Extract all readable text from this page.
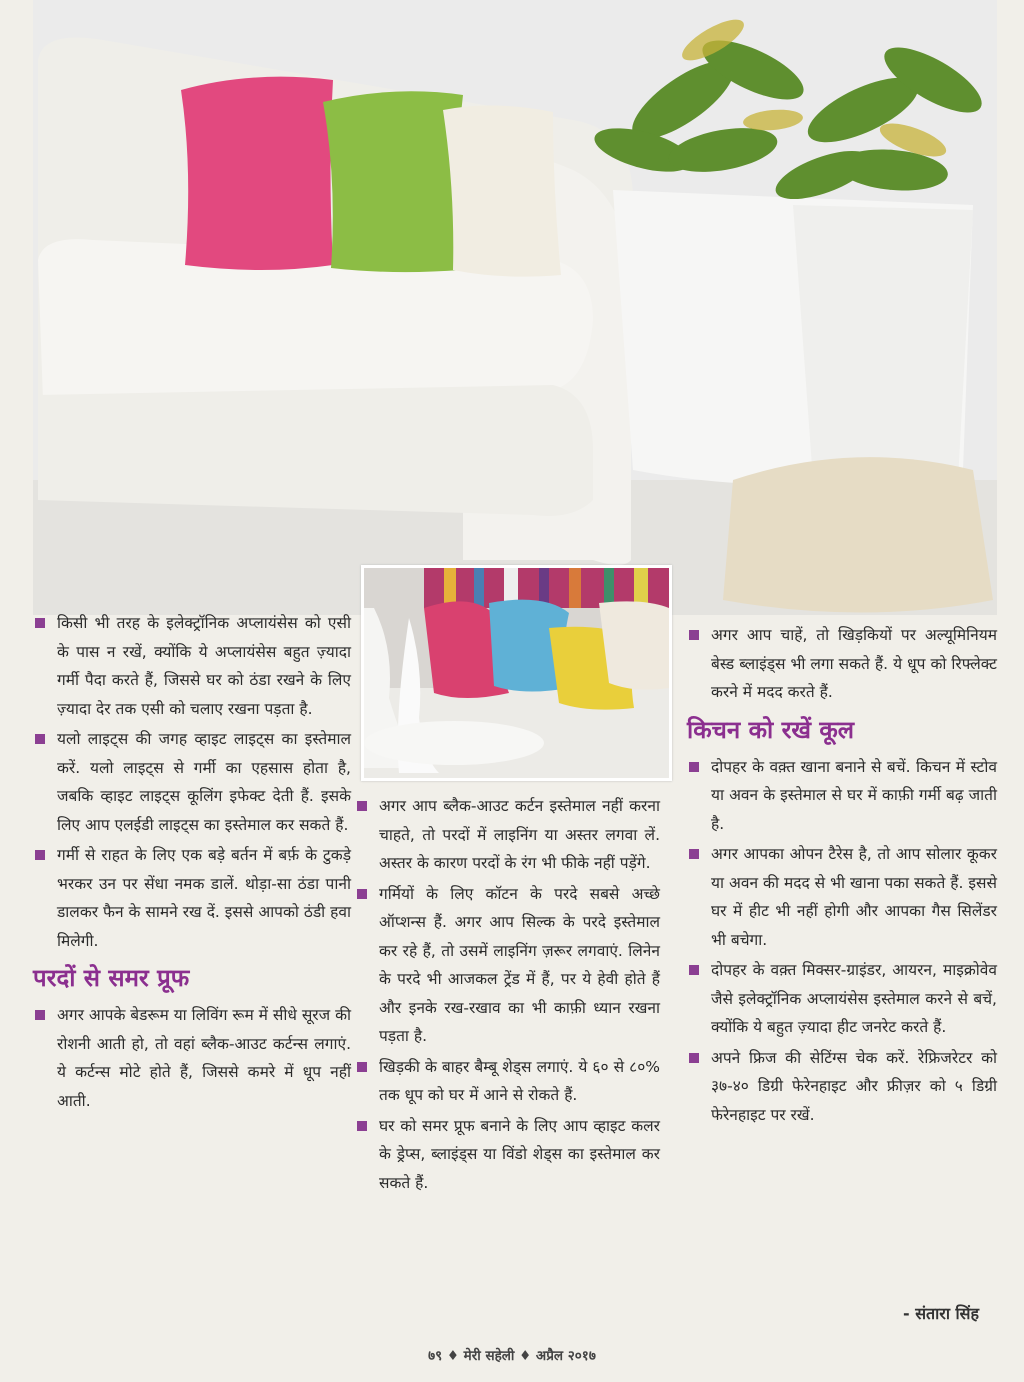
किसी भी तरह के इलेक्ट्रॉनिक अप्लायंसेस को एसी के पास न रखें, क्योंकि ये अप्लायंसेस बहुत ज़्यादा गर्मी पैदा करते हैं, जिससे घर को ठंडा रखने के लिए ज़्यादा देर तक एसी को चलाए रखना पड़ता है.

यलो लाइट्स की जगह व्हाइट लाइट्स का इस्तेमाल करें. यलो लाइट्स से गर्मी का एहसास होता है, जबकि व्हाइट लाइट्स कूलिंग इफेक्ट देती हैं. इसके लिए आप एलईडी लाइट्स का इस्तेमाल कर सकते हैं.

गर्मी से राहत के लिए एक बड़े बर्तन में बर्फ़ के टुकड़े भरकर उन पर सेंधा नमक डालें. थोड़ा-सा ठंडा पानी डालकर फैन के सामने रख दें. इससे आपको ठंडी हवा मिलेगी.

परदों से समर प्रूफ

अगर आपके बेडरूम या लिविंग रूम में सीधे सूरज की रोशनी आती हो, तो वहां ब्लैक-आउट कर्टन्स लगाएं. ये कर्टन्स मोटे होते हैं, जिससे कमरे में धूप नहीं आती.

अगर आप ब्लैक-आउट कर्टन इस्तेमाल नहीं करना चाहते, तो परदों में लाइनिंग या अस्तर लगवा लें. अस्तर के कारण परदों के रंग भी फीके नहीं पड़ेंगे.

गर्मियों के लिए कॉटन के परदे सबसे अच्छे ऑप्शन्स हैं. अगर आप सिल्क के परदे इस्तेमाल कर रहे हैं, तो उसमें लाइनिंग ज़रूर लगवाएं. लिनेन के परदे भी आजकल ट्रेंड में हैं, पर ये हेवी होते हैं और इनके रख-रखाव का भी काफ़ी ध्यान रखना पड़ता है.

खिड़की के बाहर बैम्बू शेड्स लगाएं. ये ६० से ८०% तक धूप को घर में आने से रोकते हैं.

घर को समर प्रूफ बनाने के लिए आप व्हाइट कलर के ड्रेप्स, ब्लाइंड्स या विंडो शेड्स का इस्तेमाल कर सकते हैं.

अगर आप चाहें, तो खिड़कियों पर अल्यूमिनियम बेस्ड ब्लाइंड्स भी लगा सकते हैं. ये धूप को रिफ्लेक्ट करने में मदद करते हैं.

किचन को रखें कूल

दोपहर के वक़्त खाना बनाने से बचें. किचन में स्टोव या अवन के इस्तेमाल से घर में काफ़ी गर्मी बढ़ जाती है.

अगर आपका ओपन टैरेस है, तो आप सोलार कूकर या अवन की मदद से भी खाना पका सकते हैं. इससे घर में हीट भी नहीं होगी और आपका गैस सिलेंडर भी बचेगा.

दोपहर के वक़्त मिक्सर-ग्राइंडर, आयरन, माइक्रोवेव जैसे इलेक्ट्रॉनिक अप्लायंसेस इस्तेमाल करने से बचें, क्योंकि ये बहुत ज़्यादा हीट जनरेट करते हैं.

अपने फ्रिज की सेटिंग्स चेक करें. रेफ्रिजरेटर को ३७-४० डिग्री फेरेनहाइट और फ्रीज़र को ५ डिग्री फेरेनहाइट पर रखें.

- संतारा सिंह
७९ ♦ मेरी सहेली ♦ अप्रैल २०१७
